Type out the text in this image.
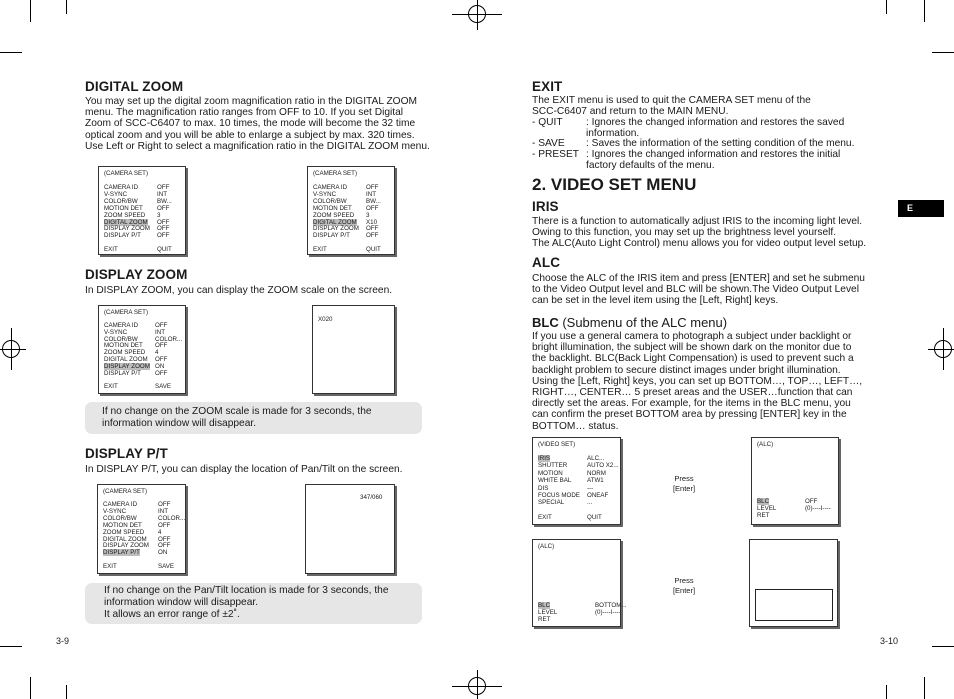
DIGITAL ZOOM
You may set up the digital zoom magnification ratio in the DIGITAL ZOOM
menu. The magnification ratio ranges from OFF to 10. If you set Digital
Zoom of SCC-C6407 to max. 10 times, the mode will become the 32 time
optical zoom and you will be able to enlarge a subject by max. 320 times.
Use Left or Right to select a magnification ratio in the DIGITAL ZOOM menu.
(CAMERA SET)
CAMERA ID	OFF
V-SYNC	INT
COLOR/BW	BW...
MOTION DET OFF
ZOOM SPEED 3
DIGITAL ZOOM OFF
DISPLAY ZOOM OFF
DISPLAY P/T	OFF
EXIT	QUIT
(CAMERA SET)
CAMERA ID	OFF
V-SYNC	INT
COLOR/BW	BW...
MOTION DET OFF
ZOOM SPEED 3
DIGITAL ZOOM X10
DISPLAY ZOOM OFF
DISPLAY P/T	OFF
EXIT	QUIT
DISPLAY ZOOM
In DISPLAY ZOOM, you can display the ZOOM scale on the screen.
(CAMERA SET)
CAMERA ID	OFF
V-SYNC	INT
COLOR/BW	COLOR...
MOTION DET OFF
ZOOM SPEED 4
DIGITAL ZOOM OFF
DISPLAY ZOOM ON
DISPLAY P/T OFF
EXIT	SAVE
X020
If no change on the ZOOM scale is made for 3 seconds, the
information window will disappear.
DISPLAY P/T
In DISPLAY P/T, you can display the location of Pan/Tilt on the screen.
(CAMERA SET)
CAMERA ID	OFF
V-SYNC	INT
COLOR/BW	COLOR...
MOTION DET	OFF
ZOOM SPEED 4
DIGITAL ZOOM OFF
DISPLAY ZOOM OFF
DISPLAY P/T	ON
EXIT	SAVE
347/060
If no change on the Pan/Tilt location is made for 3 seconds, the
information window will disappear.
It allows an error range of ±2˚.
3-9
EXIT
The EXIT menu is used to quit the CAMERA SET menu of the
SCC-C6407 and return to the MAIN MENU.
- QUIT : Ignores the changed information and restores the saved
information.
- SAVE : Saves the information of the setting condition of the menu.
- PRESET : Ignores the changed information and restores the initial
factory defaults of the menu.
2. VIDEO SET MENU
IRIS
There is a function to automatically adjust IRIS to the incoming light level.
Owing to this function, you may set up the brightness level yourself.
The ALC(Auto Light Control) menu allows you for video output level setup.
ALC
Choose the ALC of the IRIS item and press [ENTER] and set he submenu
to the Video Output level and BLC will be shown.The Video Output Level
can be set in the level item using the [Left, Right] keys.
BLC (Submenu of the ALC menu)
If you use a general camera to photograph a subject under backlight or
bright illumination, the subject will be shown dark on the monitor due to
the backlight. BLC(Back Light Compensation) is used to prevent such a
backlight problem to secure distinct images under bright illumination.
Using the [Left, Right] keys, you can set up BOTTOM…, TOP…, LEFT…,
RIGHT…, CENTER… 5 preset areas and the USER…function that can
directly set the areas. For example, for the items in the BLC menu, you
can confirm the preset BOTTOM area by pressing [ENTER] key in the
BOTTOM… status.
(VIDEO SET)
IRIS	ALC...
SHUTTER	AUTO X2...
MOTION	NORM
WHITE BAL	ATW1
DIS	---
FOCUS MODE ONEAF
SPECIAL	...
EXIT	QUIT
Press
[Enter]
(ALC)
BLC	OFF
LEVEL	(0)----I----
RET
(ALC)
BLC	BOTTOM...
LEVEL	(0)----I----
RET
Press
[Enter]
E
3-10
